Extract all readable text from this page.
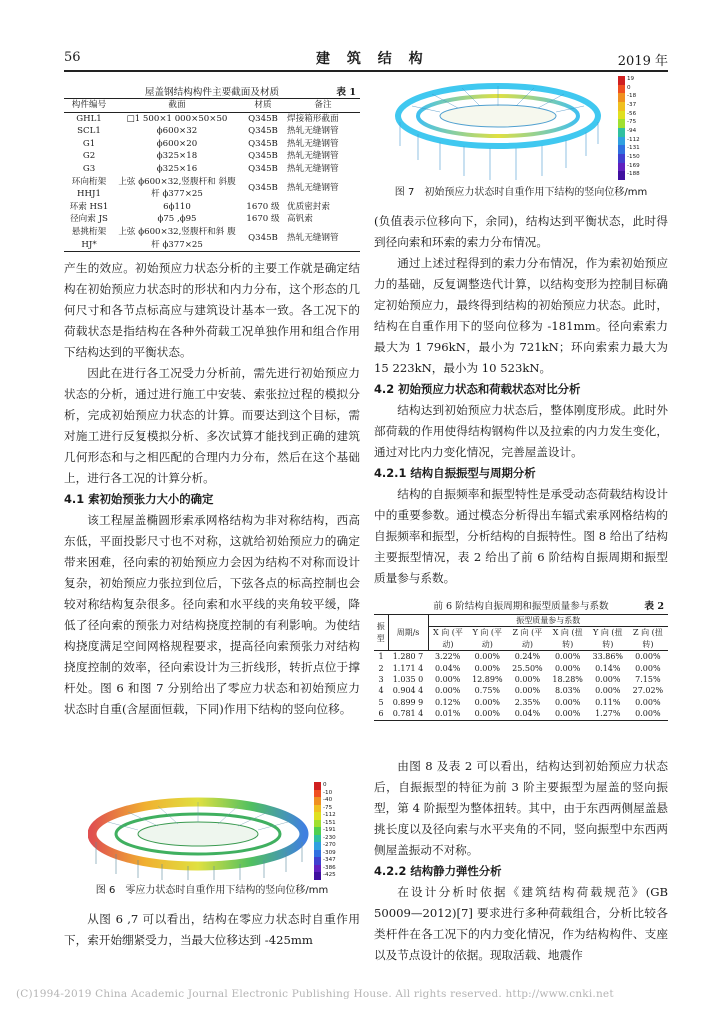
56	建 筑 结 构	2019 年
屋盖钢结构构件主要截面及材质	表 1
构件编号	截面	材质	备注
GHL1	□1 500×1 000×50×50	Q345B	焊接箱形截面
SCL1	ϕ600×32	Q345B	热轧无缝钢管
G1	ϕ600×20	Q345B	热轧无缝钢管
G2	ϕ325×18	Q345B	热轧无缝钢管
G3	ϕ325×16	Q345B	热轧无缝钢管
环向桁架 HHJ1	上弦 ϕ600×32,竖腹杆和 斜腹杆 ϕ377×25	Q345B	热轧无缝钢管
环索 HS1	6ϕ110	1670 级	优质密封索
径向索 JS	ϕ75 ,ϕ95	1670 级	高钒索
悬挑桁架 HJ*	上弦 ϕ600×32,竖腹杆和斜 腹杆 ϕ377×25	Q345B	热轧无缝钢管

产生的效应。初始预应力状态分析的主要工作就是确定结构在初始预应力状态时的形状和内力分布，这个形态的几何尺寸和各节点标高应与建筑设计基本一致。各工况下的荷载状态是指结构在各种外荷载工况单独作用和组合作用下结构达到的平衡状态。

因此在进行各工况受力分析前，需先进行初始预应力状态的分析，通过进行施工中安装、索张拉过程的模拟分析，完成初始预应力状态的计算。而要达到这个目标，需对施工进行反复模拟分析、多次试算才能找到正确的建筑几何形态和与之相匹配的合理内力分布，然后在这个基础上，进行各工况的计算分析。

4.1 索初始预张力大小的确定

该工程屋盖椭圆形索承网格结构为非对称结构，西高东低，平面投影尺寸也不对称，这就给初始预应力的确定带来困难，径向索的初始预应力会因为结构不对称而设计复杂，初始预应力张拉到位后，下弦各点的标高控制也会较对称结构复杂很多。径向索和水平线的夹角较平缓，降低了径向索的预张力对结构挠度控制的有利影响。为使结构挠度满足空间网格规程要求，提高径向索预张力对结构挠度控制的效率，径向索设计为三折线形，转折点位于撑杆处。图 6 和图 7 分别给出了零应力状态和初始预应力状态时自重(含屋面恒载，下同)作用下结构的竖向位移。

0
-10
-40
-75
-112
-151
-191
-230
-270
-309
-347
-386
-425

图 6　零应力状态时自重作用下结构的竖向位移/mm

从图 6 ,7 可以看出，结构在零应力状态时自重作用下，索开始绷紧受力，当最大位移达到 -425mm

19
0
-18
-37
-56
-75
-94
-112
-131
-150
-169
-188

图 7　初始预应力状态时自重作用下结构的竖向位移/mm

(负值表示位移向下，余同)，结构达到平衡状态，此时得到径向索和环索的索力分布情况。

通过上述过程得到的索力分布情况，作为索初始预应力的基础，反复调整迭代计算，以结构变形为控制目标确定初始预应力，最终得到结构的初始预应力状态。此时，结构在自重作用下的竖向位移为 -181mm。径向索索力最大为 1 796kN，最小为 721kN；环向索索力最大为 15 223kN，最小为 10 523kN。

4.2 初始预应力状态和荷载状态对比分析

结构达到初始预应力状态后，整体刚度形成。此时外部荷载的作用使得结构钢构件以及拉索的内力发生变化，通过对比内力变化情况，完善屋盖设计。

4.2.1 结构自振振型与周期分析

结构的自振频率和振型特性是承受动态荷载结构设计中的重要参数。通过模态分析得出车辐式索承网格结构的自振频率和振型，分析结构的自振特性。图 8 给出了结构主要振型情况，表 2 给出了前 6 阶结构自振周期和振型质量参与系数。

前 6 阶结构自振周期和振型质量参与系数	表 2
振型	周期/s	振型质量参与系数					
		X 向 (平动)	Y 向 (平动)	Z 向 (平动)	X 向 (扭转)	Y 向 (扭转)	Z 向 (扭转)
1	1.280 7	3.22%	0.00%	0.24%	0.00%	33.86%	0.00%
2	1.171 4	0.04%	0.00%	25.50%	0.00%	0.14%	0.00%
3	1.035 0	0.00%	12.89%	0.00%	18.28%	0.00%	7.15%
4	0.904 4	0.00%	0.75%	0.00%	8.03%	0.00%	27.02%
5	0.899 9	0.12%	0.00%	2.35%	0.00%	0.11%	0.00%
6	0.781 4	0.01%	0.00%	0.04%	0.00%	1.27%	0.00%

由图 8 及表 2 可以看出，结构达到初始预应力状态后，自振振型的特征为前 3 阶主要振型为屋盖的竖向振型，第 4 阶振型为整体扭转。其中，由于东西两侧屋盖悬挑长度以及径向索与水平夹角的不同，竖向振型中东西两侧屋盖振动不对称。

4.2.2 结构静力弹性分析

在设计分析时依据《建筑结构荷载规范》(GB 50009—2012)[7] 要求进行多种荷载组合，分析比较各类杆件在各工况下的内力变化情况，作为结构构件、支座以及节点设计的依据。现取活载、地震作

(C)1994-2019 China Academic Journal Electronic Publishing House. All rights reserved. http://www.cnki.net
